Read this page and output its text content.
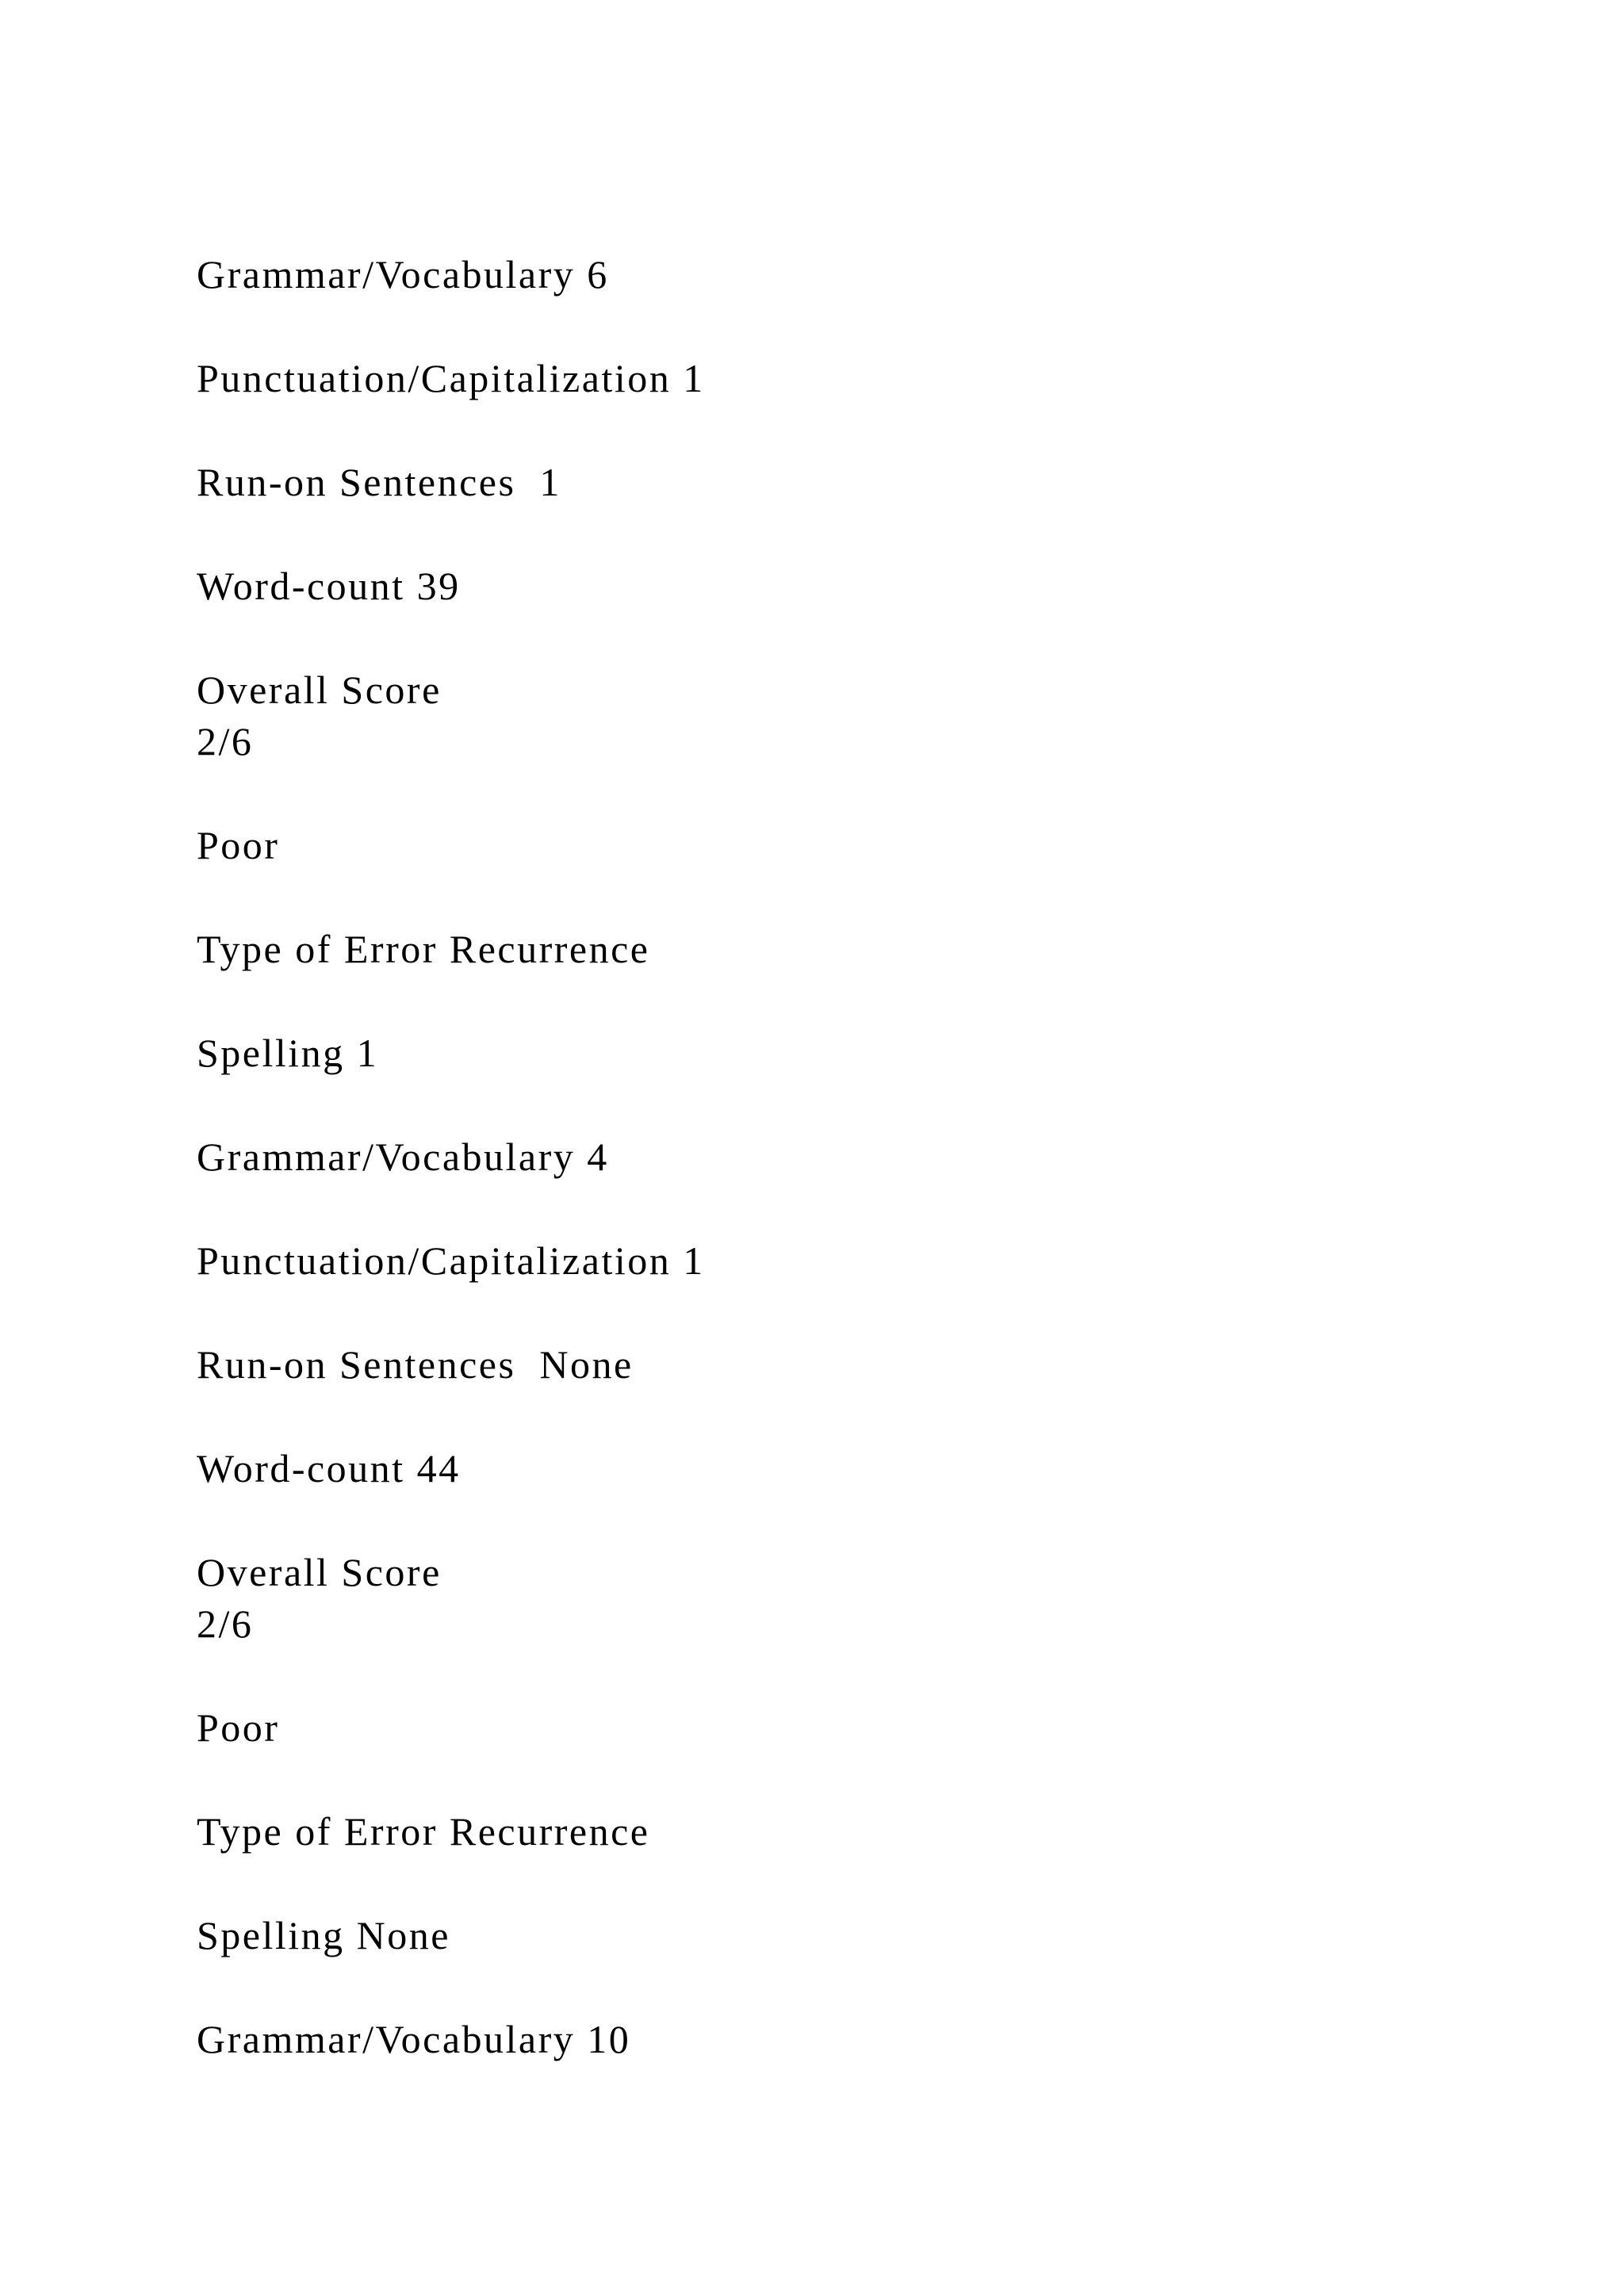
Grammar/Vocabulary 6

Punctuation/Capitalization 1

Run-on Sentences  1

Word-count 39

Overall Score

2/6

Poor

Type of Error Recurrence

Spelling 1

Grammar/Vocabulary 4

Punctuation/Capitalization 1

Run-on Sentences  None

Word-count 44

Overall Score

2/6

Poor

Type of Error Recurrence

Spelling None

Grammar/Vocabulary 10
